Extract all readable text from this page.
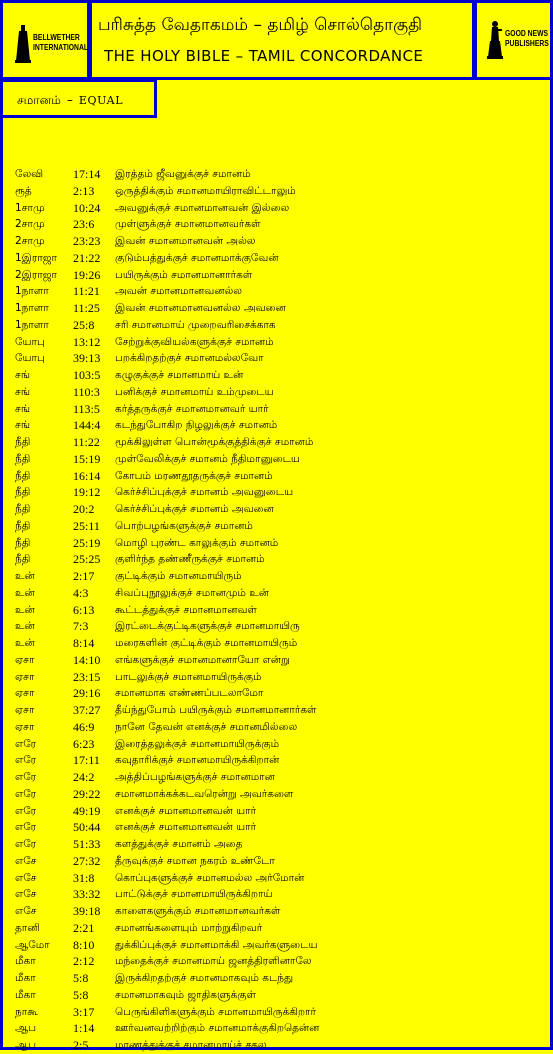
BELLWETHER
INTERNATIONAL
பரிசுத்த வேதாகமம் – தமிழ் சொல்தொகுதி
THE HOLY BIBLE – TAMIL CONCORDANCE
GOOD NEWS
PUBLISHERS
சமானம் – EQUAL
லேவி 17:14 இரத்தம் ஜீவனுக்குச் சமானம்
ரூத்	2:13 ஒருத்திக்கும் சமானமாயிராவிட்டாலும்
1சாமு 10:24 அவனுக்குச் சமானமானவன் இல்லை
2சாமு 23:6 முள்ளுக்குச் சமானமானவர்கள்
2சாமு 23:23 இவன் சமானமானவன் அல்ல
1இராஜா 21:22 குடும்பத்துக்குச் சமானமாக்குவேன்
2இராஜா 19:26 பயிருக்கும் சமானமானார்கள்
1நாளா 11:21 அவன் சமானமானவனல்ல
1நாளா 11:25 இவன் சமானமானவனல்ல அவனை
1நாளா 25:8 சரி சமானமாய் முறைவரிசைக்காக
யோபு 13:12 சேற்றுக்குவியல்களுக்குச் சமானம்
யோபு 39:13 பறக்கிறதற்குச் சமானமல்லவோ
சங்	103:5 கழுகுக்குச் சமானமாய் உன்
சங்	110:3 பனிக்குச் சமானமாய் உம்முடைய
சங்	113:5 கர்த்தருக்குச் சமானமானவர் யார்
சங்	144:4 கடந்துபோகிற நிழலுக்குச் சமானம்
நீதி	11:22 மூக்கிலுள்ள பொன்மூக்குத்திக்குச் சமானம்
நீதி	15:19 முள்வேலிக்குச் சமானம் நீதிமானுடைய
நீதி	16:14 கோபம் மரணதூதருக்குச் சமானம்
நீதி	19:12 கெர்ச்சிப்புக்குச் சமானம் அவனுடைய
நீதி	20:2 கெர்ச்சிப்புக்குச் சமானம் அவனை
நீதி	25:11 பொற்பழங்களுக்குச் சமானம்
நீதி	25:19 மொழி புரண்ட காலுக்கும் சமானம்
நீதி	25:25 குளிர்ந்த தண்ணீருக்குச் சமானம்
உன்	2:17 குட்டிக்கும் சமானமாயிரும்
உன்	4:3	சிவப்புநூலுக்குச் சமானமும் உன்
உன்	6:13 கூட்டத்துக்குச் சமானமானவள்
உன்	7:3	இரட்டைக்குட்டிகளுக்குச் சமானமாயிரு
உன்	8:14 மரைகளின் குட்டிக்கும் சமானமாயிரும்
ஏசா	14:10 எங்களுக்குச் சமானமானாயோ என்று
ஏசா	23:15 பாடலுக்குச் சமானமாயிருக்கும்
ஏசா	29:16 சமானமாக எண்ணப்படலாமோ
ஏசா	37:27 தீய்ந்துபோம் பயிருக்கும் சமானமானார்கள்
ஏசா	46:9 நானே தேவன் எனக்குச் சமானமில்லை
எரே	6:23 இரைத்தலுக்குச் சமானமாயிருக்கும்
எரே	17:11 கவுதாரிக்குச் சமானமாயிருக்கிறான்
எரே	24:2 அத்திப்பழங்களுக்குச் சமானமான
எரே	29:22 சமானமாக்கக்கடவரென்று அவர்களை
எரே	49:19 எனக்குச் சமானமானவன் யார்
எரே	50:44 எனக்குச் சமானமானவன் யார்
எரே	51:33 களத்துக்குச் சமானம் அதை
எசே	27:32 தீருவுக்குச் சமான நகரம் உண்டோ
எசே	31:8 கொப்புகளுக்குச் சமானமல்ல அர்மோன்
எசே	33:32 பாட்டுக்குச் சமானமாயிருக்கிறாய்
எசே	39:18 காளைகளுக்கும் சமானமானவர்கள்
தானி	2:21 சமானங்களையும் மாற்றுகிறவர்
ஆமோ 8:10 துக்கிப்புக்குச் சமானமாக்கி அவர்களுடைய
மீகா	2:12 மந்தைக்குச் சமானமாய் ஜனத்திரளினாலே
மீகா	5:8	இருக்கிறதற்குச் சமானமாகவும் கடந்து
மீகா	5:8	சமானமாகவும் ஜாதிகளுக்குள்
நாகூ	3:17 பெருங்கிளிகளுக்கும் சமானமாயிருக்கிறார்
ஆப	1:14 ஊர்வனவற்றிற்கும் சமானமாக்குகிறதென்ன
ஆப	2:5	மரணத்துக்குச் சமானமாய்ச் சகல
